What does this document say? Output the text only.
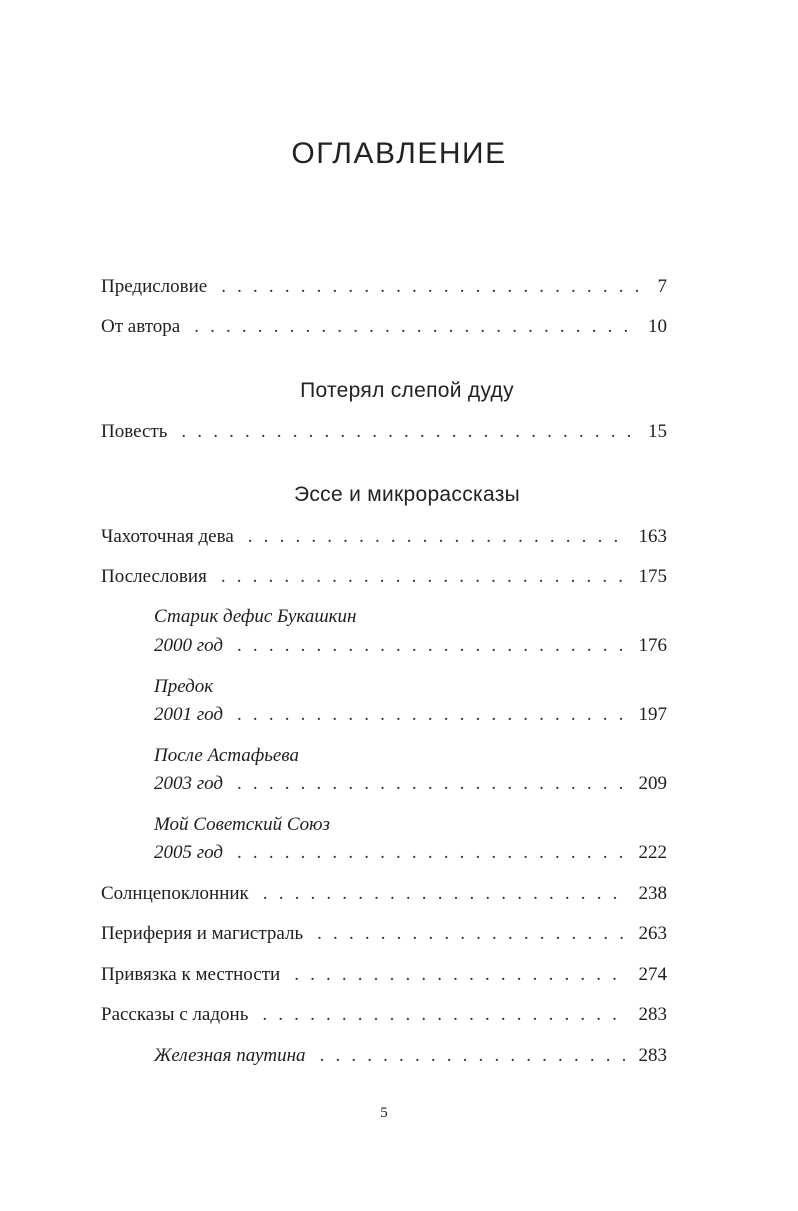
ОГЛАВЛЕНИЕ
Предисловие . . .	7
От автора . . .	10
Потерял слепой дуду
Повесть . . .	15
Эссе и микрорассказы
Чахоточная дева . . .	163
Послесловия . . .	175
Старик дефис Букашкин
2000 год . . .	176
Предок
2001 год . . .	197
После Астафьева
2003 год . . .	209
Мой Советский Союз
2005 год . . .	222
Солнцепоклонник . . .	238
Периферия и магистраль . . .	263
Привязка к местности . . .	274
Рассказы с ладонь . . .	283
Железная паутина . . .	283
5
